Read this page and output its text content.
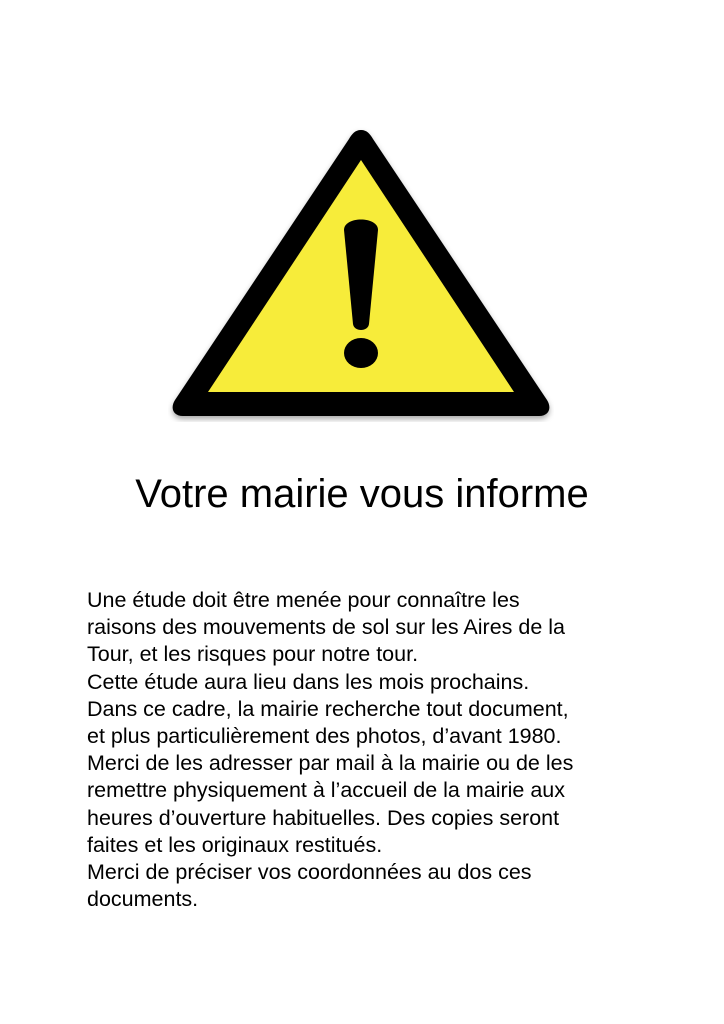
Votre mairie vous informe

Une étude doit être menée pour connaître les
raisons des mouvements de sol sur les Aires de la
Tour, et les risques pour notre tour.
Cette étude aura lieu dans les mois prochains.
Dans ce cadre, la mairie recherche tout document,
et plus particulièrement des photos, d’avant 1980.
Merci de les adresser par mail à la mairie ou de les
remettre physiquement à l’accueil de la mairie aux
heures d’ouverture habituelles. Des copies seront
faites et les originaux restitués.
Merci de préciser vos coordonnées au dos ces
documents.
